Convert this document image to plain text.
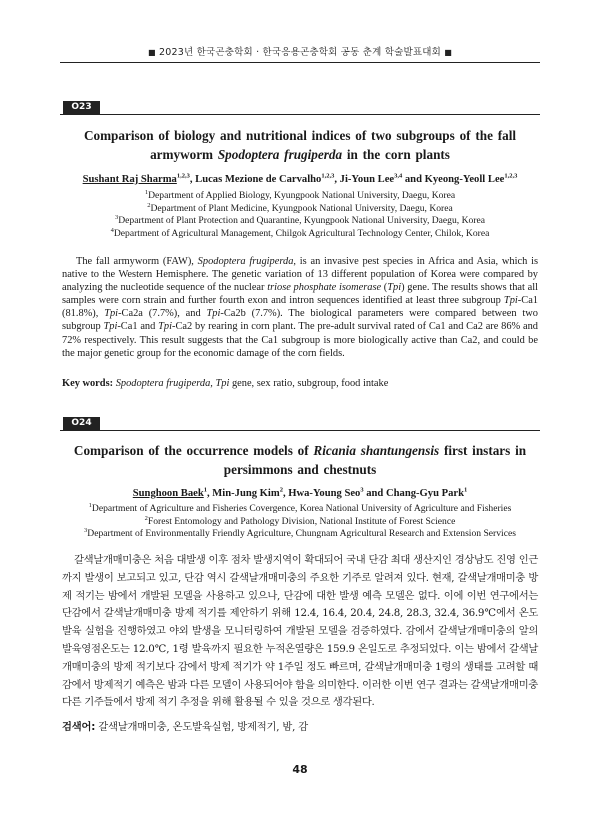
■ 2023년 한국곤충학회 · 한국응용곤충학회 공동 춘계 학술발표대회 ■
O23
Comparison of biology and nutritional indices of two subgroups of the fall armyworm Spodoptera frugiperda in the corn plants
Sushant Raj Sharma$^{1,2,3}$, Lucas Mezione de Carvalho$^{1,2,3}$, Ji-Youn Lee$^{3,4}$ and Kyeong-Yeoll Lee$^{1,2,3}$
$^1$Department of Applied Biology, Kyungpook National University, Daegu, Korea
$^2$Department of Plant Medicine, Kyungpook National University, Daegu, Korea
$^3$Department of Plant Protection and Quarantine, Kyungpook National University, Daegu, Korea
$^4$Department of Agricultural Management, Chilgok Agricultural Technology Center, Chilok, Korea
The fall armyworm (FAW), Spodoptera frugiperda, is an invasive pest species in Africa and Asia, which is native to the Western Hemisphere. The genetic variation of 13 different population of Korea were compared by analyzing the nucleotide sequence of the nuclear triose phosphate isomerase (Tpi) gene. The results shows that all samples were corn strain and further fourth exon and intron sequences identified at least three subgroup Tpi-Ca1 (81.8%), Tpi-Ca2a (7.7%), and Tpi-Ca2b (7.7%). The biological parameters were compared between two subgroup Tpi-Ca1 and Tpi-Ca2 by rearing in corn plant. The pre-adult survival rated of Ca1 and Ca2 are 86% and 72% respectively. This result suggests that the Ca1 subgroup is more biologically active than Ca2, and could be the major genetic group for the economic damage of the corn fields.
Key words: Spodoptera frugiperda, Tpi gene, sex ratio, subgroup, food intake
O24
Comparison of the occurrence models of Ricania shantungensis first instars in persimmons and chestnuts
Sunghoon Baek$^1$, Min-Jung Kim$^2$, Hwa-Young Seo$^3$ and Chang-Gyu Park$^1$
$^1$Department of Agriculture and Fisheries Covergence, Korea National University of Agriculture and Fisheries
$^2$Forest Entomology and Pathology Division, National Institute of Forest Science
$^3$Department of Environmentally Friendly Agriculture, Chungnam Agricultural Research and Extension Services
갈색날개매미충은 처음 대발생 이후 점차 발생지역이 확대되어 국내 단감 최대 생산지인 경상남도 진영 인근까지 발생이 보고되고 있고, 단감 역시 갈색날개매미충의 주요한 기주로 알려져 있다. 현재, 갈색날개매미충 방제 적기는 밤에서 개발된 모델을 사용하고 있으나, 단감에 대한 발생 예측 모델은 없다. 이에 이번 연구에서는 단감에서 갈색날개매미충 방제 적기를 제안하기 위해 12.4, 16.4, 20.4, 24.8, 28.3, 32.4, 36.9℃에서 온도 발육 실험을 진행하였고 야외 발생을 모니터링하여 개발된 모델을 검증하였다. 감에서 갈색날개매미충의 알의 발육영점온도는 12.0℃, 1령 발육까지 필요한 누적온열량은 159.9 온일도로 추정되었다. 이는 밤에서 갈색날개매미충의 방제 적기보다 감에서 방제 적기가 약 1주일 정도 빠르며, 갈색날개매미충 1령의 생태를 고려할 때 감에서 방제적기 예측은 밤과 다른 모델이 사용되어야 함을 의미한다. 이러한 이번 연구 결과는 갈색날개매미충 다른 기주들에서 방제 적기 추정을 위해 활용될 수 있을 것으로 생각된다.
검색어: 갈색날개매미충, 온도발육실험, 방제적기, 밤, 감
48
